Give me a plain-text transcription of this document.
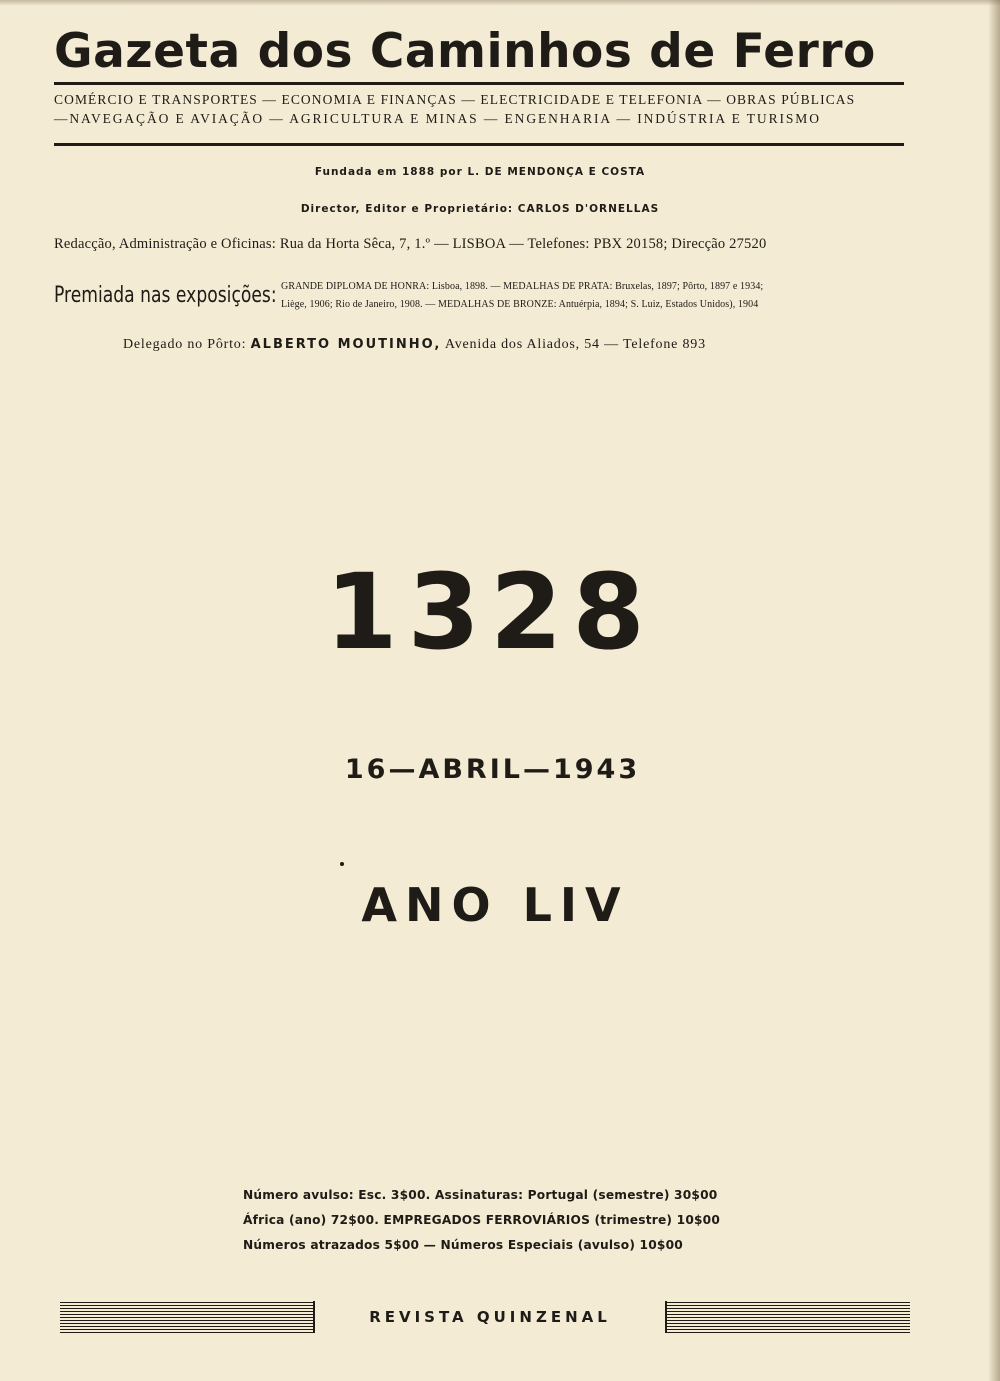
Gazeta dos Caminhos de Ferro
COMÉRCIO E TRANSPORTES — ECONOMIA E FINANÇAS — ELECTRICIDADE E TELEFONIA — OBRAS PÚBLICAS
—NAVEGAÇÃO E AVIAÇÃO — AGRICULTURA E MINAS — ENGENHARIA — INDÚSTRIA E TURISMO
Fundada em 1888 por L. DE MENDONÇA E COSTA
Director, Editor e Proprietário: CARLOS D'ORNELLAS
Redacção, Administração e Oficinas: Rua da Horta Sêca, 7, 1.º — LISBOA — Telefones: PBX 20158; Direcção 27520
Premiada nas exposições: GRANDE DIPLOMA DE HONRA: Lisboa, 1898. — MEDALHAS DE PRATA: Bruxelas, 1897; Pôrto, 1897 e 1934;
Liège, 1906; Rio de Janeiro, 1908. — MEDALHAS DE BRONZE: Antuérpia, 1894; S. Luiz, Estados Unidos), 1904
Delegado no Pôrto: ALBERTO MOUTINHO, Avenida dos Aliados, 54 — Telefone 893
1328
16—ABRIL—1943
ANO LIV
Número avulso: Esc. 3$00. Assinaturas: Portugal (semestre) 30$00
África (ano) 72$00. EMPREGADOS FERROVIÁRIOS (trimestre) 10$00
Números atrazados 5$00 — Números Especiais (avulso) 10$00
REVISTA QUINZENAL
